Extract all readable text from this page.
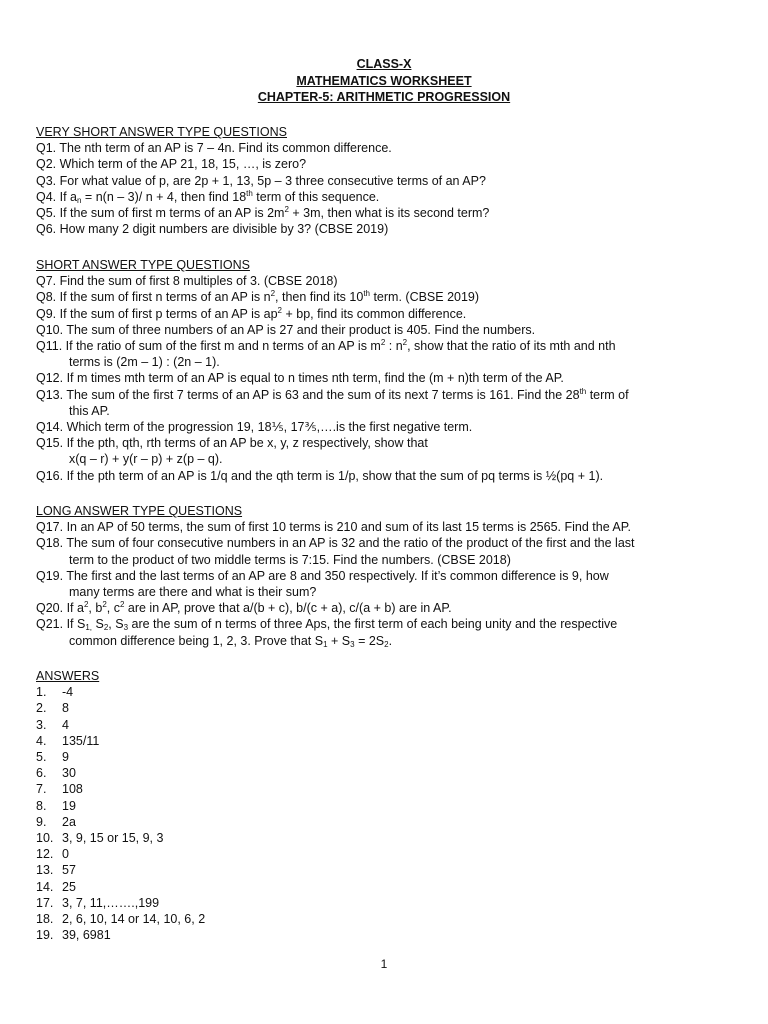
CLASS-X
MATHEMATICS WORKSHEET
CHAPTER-5: ARITHMETIC PROGRESSION
VERY SHORT ANSWER TYPE QUESTIONS
Q1. The nth term of an AP is 7 – 4n. Find its common difference.
Q2. Which term of the AP 21, 18, 15, …, is zero?
Q3. For what value of p, are 2p + 1, 13, 5p – 3 three consecutive terms of an AP?
Q4. If $a_n = n(n - 3)/$ n + 4, then find 18th term of this sequence.
Q5. If the sum of first m terms of an AP is $2m^2 + 3m$, then what is its second term?
Q6. How many 2 digit numbers are divisible by 3? (CBSE 2019)
SHORT ANSWER TYPE QUESTIONS
Q7. Find the sum of first 8 multiples of 3. (CBSE 2018)
Q8. If the sum of first n terms of an AP is $n^2$, then find its 10th term. (CBSE 2019)
Q9. If the sum of first p terms of an AP is $ap^2$ + bp, find its common difference.
Q10. The sum of three numbers of an AP is 27 and their product is 405. Find the numbers.
Q11. If the ratio of sum of the first m and n terms of an AP is $m^2$ : $n^2$, show that the ratio of its mth and nth
terms is (2m – 1) : (2n – 1).
Q12. If m times mth term of an AP is equal to n times nth term, find the (m + n)th term of the AP.
Q13. The sum of the first 7 terms of an AP is 63 and the sum of its next 7 terms is 161. Find the 28th term of
this AP.
Q14. Which term of the progression 19, 18⅕, 17⅗,….is the first negative term.
Q15. If the pth, qth, rth terms of an AP be x, y, z respectively, show that
x(q – r) + y(r – p) + z(p – q).
Q16. If the pth term of an AP is 1/q and the qth term is 1/p, show that the sum of pq terms is ½(pq + 1).
LONG ANSWER TYPE QUESTIONS
Q17. In an AP of 50 terms, the sum of first 10 terms is 210 and sum of its last 15 terms is 2565. Find the AP.
Q18. The sum of four consecutive numbers in an AP is 32 and the ratio of the product of the first and the last
term to the product of two middle terms is 7:15. Find the numbers. (CBSE 2018)
Q19. The first and the last terms of an AP are 8 and 350 respectively. If it’s common difference is 9, how
many terms are there and what is their sum?
Q20. If $a^2$, $b^2$, $c^2$ are in AP, prove that a/(b + c), b/(c + a), c/(a + b) are in AP.
Q21. If $S_{1,}$ $S_2$, $S_3$ are the sum of n terms of three Aps, the first term of each being unity and the respective
common difference being 1, 2, 3. Prove that $S_1 + S_3 = 2S_2$.
ANSWERS
1. -4
2. 8
3. 4
4. 135/11
5. 9
6. 30
7. 108
8. 19
9. 2a
10. 3, 9, 15 or 15, 9, 3
12. 0
13. 57
14. 25
17. 3, 7, 11,…….,199
18. 2, 6, 10, 14 or 14, 10, 6, 2
19. 39, 6981
1
